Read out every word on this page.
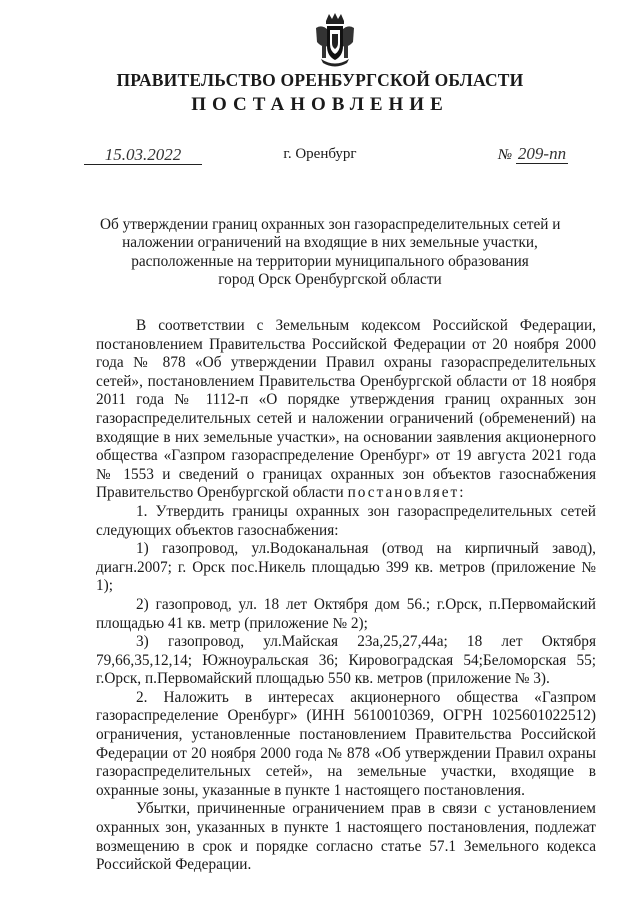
ПРАВИТЕЛЬСТВО ОРЕНБУРГСКОЙ ОБЛАСТИ
ПОСТАНОВЛЕНИЕ
15.03.2022	г. Оренбург	№ 209-пп
Об утверждении границ охранных зон газораспределительных сетей и
наложении ограничений на входящие в них земельные участки,
расположенные на территории муниципального образования
город Орск Оренбургской области

В соответствии с Земельным кодексом Российской Федерации, постановлением Правительства Российской Федерации от 20 ноября 2000 года № 878 «Об утверждении Правил охраны газораспределительных сетей», постановлением Правительства Оренбургской области от 18 ноября 2011 года № 1112-п «О порядке утверждения границ охранных зон газораспределительных сетей и наложении ограничений (обременений) на входящие в них земельные участки», на основании заявления акционерного общества «Газпром газораспределение Оренбург» от 19 августа 2021 года № 1553 и сведений о границах охранных зон объектов газоснабжения Правительство Оренбургской области постановляет:

1. Утвердить границы охранных зон газораспределительных сетей следующих объектов газоснабжения:

1) газопровод, ул.Водоканальная (отвод на кирпичный завод), диагн.2007; г. Орск пос.Никель площадью 399 кв. метров (приложение № 1);

2) газопровод, ул. 18 лет Октября дом 56.; г.Орск, п.Первомайский площадью 41 кв. метр (приложение № 2);

3) газопровод, ул.Майская 23а,25,27,44а; 18 лет Октября 79,66,35,12,14; Южноуральская 36; Кировоградская 54;Беломорская 55; г.Орск, п.Первомайский площадью 550 кв. метров (приложение № 3).

2. Наложить в интересах акционерного общества «Газпром газораспределение Оренбург» (ИНН 5610010369, ОГРН 1025601022512) ограничения, установленные постановлением Правительства Российской Федерации от 20 ноября 2000 года № 878 «Об утверждении Правил охраны газораспределительных сетей», на земельные участки, входящие в охранные зоны, указанные в пункте 1 настоящего постановления.

Убытки, причиненные ограничением прав в связи с установлением охранных зон, указанных в пункте 1 настоящего постановления, подлежат возмещению в срок и порядке согласно статье 57.1 Земельного кодекса Российской Федерации.
